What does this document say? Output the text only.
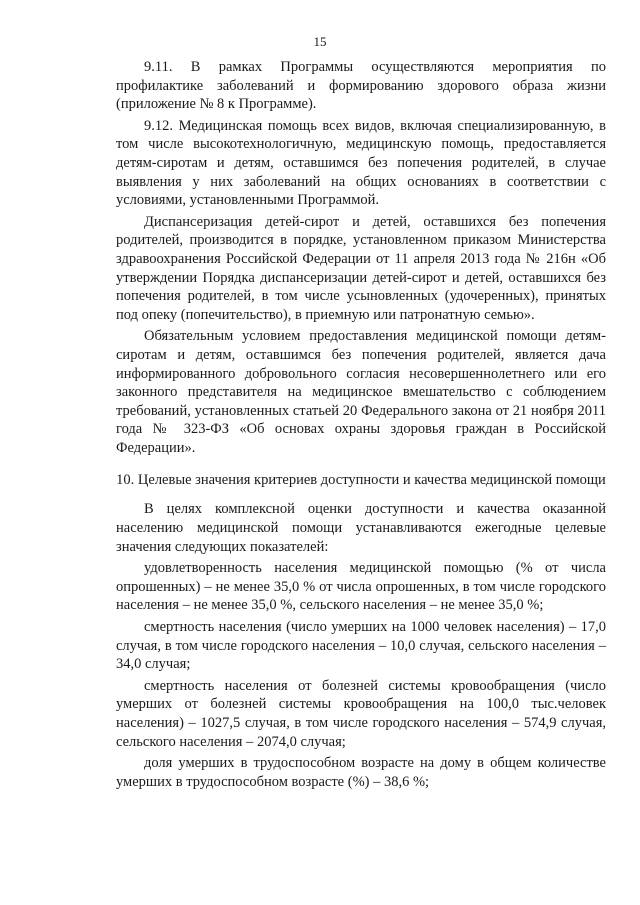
15

9.11. В рамках Программы осуществляются мероприятия по профилактике заболеваний и формированию здорового образа жизни (приложение № 8 к Программе).

9.12. Медицинская помощь всех видов, включая специализированную, в том числе высокотехнологичную, медицинскую помощь, предоставляется детям-сиротам и детям, оставшимся без попечения родителей, в случае выявления у них заболеваний на общих основаниях в соответствии с условиями, установленными Программой.

Диспансеризация детей-сирот и детей, оставшихся без попечения родителей, производится в порядке, установленном приказом Министерства здравоохранения Российской Федерации от 11 апреля 2013 года № 216н «Об утверждении Порядка диспансеризации детей-сирот и детей, оставшихся без попечения родителей, в том числе усыновленных (удочеренных), принятых под опеку (попечительство), в приемную или патронатную семью».

Обязательным условием предоставления медицинской помощи детям-сиротам и детям, оставшимся без попечения родителей, является дача информированного добровольного согласия несовершеннолетнего или его законного представителя на медицинское вмешательство с соблюдением требований, установленных статьей 20 Федерального закона от 21 ноября 2011 года № 323-ФЗ «Об основах охраны здоровья граждан в Российской Федерации».

10. Целевые значения критериев доступности и качества медицинской помощи

В целях комплексной оценки доступности и качества оказанной населению медицинской помощи устанавливаются ежегодные целевые значения следующих показателей:

удовлетворенность населения медицинской помощью (% от числа опрошенных) – не менее 35,0 % от числа опрошенных, в том числе городского населения – не менее 35,0 %, сельского населения – не менее 35,0 %;

смертность населения (число умерших на 1000 человек населения) – 17,0 случая, в том числе городского населения – 10,0 случая, сельского населения – 34,0 случая;

смертность населения от болезней системы кровообращения (число умерших от болезней системы кровообращения на 100,0 тыс.человек населения) – 1027,5 случая, в том числе городского населения – 574,9 случая, сельского населения – 2074,0 случая;

доля умерших в трудоспособном возрасте на дому в общем количестве умерших в трудоспособном возрасте (%) – 38,6 %;
